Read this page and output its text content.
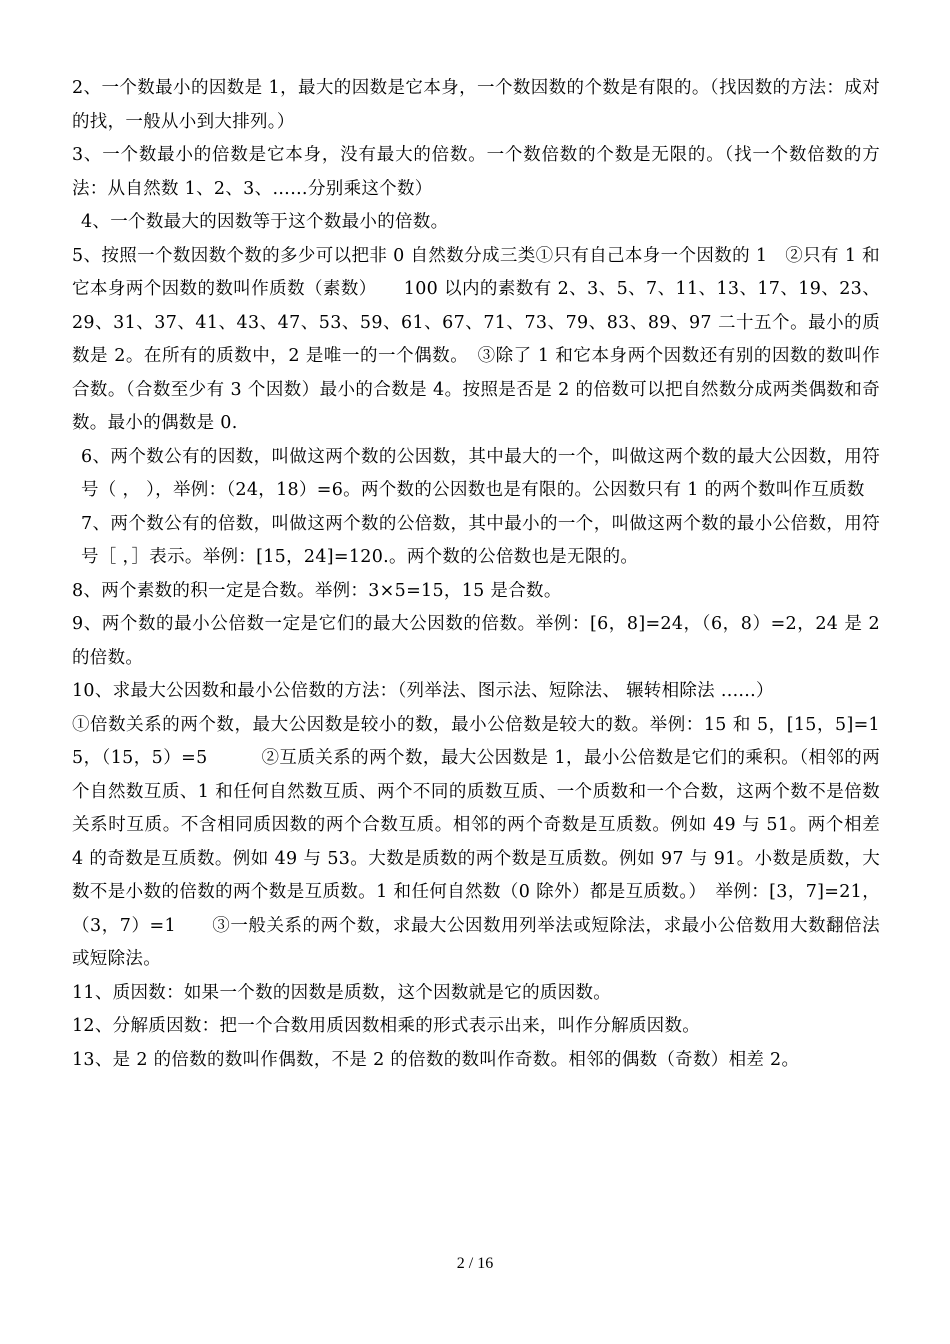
2、一个数最小的因数是 1，最大的因数是它本身，一个数因数的个数是有限的。（找因数的方法：成对的找，一般从小到大排列。）

3、一个数最小的倍数是它本身，没有最大的倍数。一个数倍数的个数是无限的。（找一个数倍数的方法：从自然数 1、2、3、……分别乘这个数）

4、一个数最大的因数等于这个数最小的倍数。

5、按照一个数因数个数的多少可以把非 0 自然数分成三类①只有自己本身一个因数的 1　②只有 1 和它本身两个因数的数叫作质数（素数）　　100 以内的素数有 2、3、5、7、11、13、17、19、23、29、31、37、41、43、47、53、59、61、67、71、73、79、83、89、97 二十五个。最小的质数是 2。在所有的质数中，2 是唯一的一个偶数。　③除了 1 和它本身两个因数还有别的因数的数叫作合数。（合数至少有 3 个因数）最小的合数是 4。按照是否是 2 的倍数可以把自然数分成两类偶数和奇数。最小的偶数是 0.

6、两个数公有的因数，叫做这两个数的公因数，其中最大的一个，叫做这两个数的最大公因数，用符号（ ， ），举例：（24，18）=6。两个数的公因数也是有限的。公因数只有 1 的两个数叫作互质数

7、两个数公有的倍数，叫做这两个数的公倍数，其中最小的一个，叫做这两个数的最小公倍数，用符号［ ，］表示。举例：[15，24]=120.。两个数的公倍数也是无限的。

8、两个素数的积一定是合数。举例：3×5=15，15 是合数。

9、两个数的最小公倍数一定是它们的最大公因数的倍数。举例：[6，8]=24，（6，8）=2，24 是 2 的倍数。

10、求最大公因数和最小公倍数的方法：（列举法、图示法、短除法、 辗转相除法 ......）

①倍数关系的两个数，最大公因数是较小的数，最小公倍数是较大的数。举例：15 和 5，[15，5]=15，（15，5）=5　　　②互质关系的两个数，最大公因数是 1，最小公倍数是它们的乘积。（相邻的两个自然数互质、1 和任何自然数互质、两个不同的质数互质、一个质数和一个合数，这两个数不是倍数关系时互质。不含相同质因数的两个合数互质。相邻的两个奇数是互质数。例如 49 与 51。两个相差 4 的奇数是互质数。例如 49 与 53。大数是质数的两个数是互质数。例如 97 与 91。小数是质数，大数不是小数的倍数的两个数是互质数。1 和任何自然数（0 除外）都是互质数。）　举例：[3，7]=21，（3，7）=1　　③一般关系的两个数，求最大公因数用列举法或短除法，求最小公倍数用大数翻倍法或短除法。

11、质因数：如果一个数的因数是质数，这个因数就是它的质因数。

12、分解质因数：把一个合数用质因数相乘的形式表示出来，叫作分解质因数。

13、是 2 的倍数的数叫作偶数，不是 2 的倍数的数叫作奇数。相邻的偶数（奇数）相差 2。

2 / 16
